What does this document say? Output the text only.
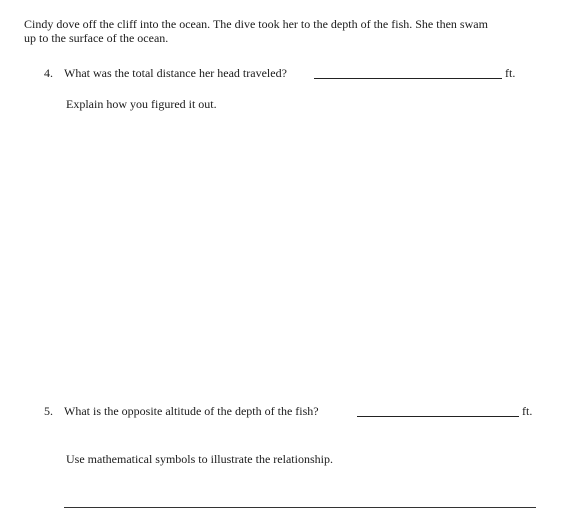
Cindy dove off the cliff into the ocean. The dive took her to the depth of the fish. She then swam
up to the surface of the ocean.
4. What was the total distance her head traveled?	ft.
Explain how you figured it out.
5. What is the opposite altitude of the depth of the fish?	ft.
Use mathematical symbols to illustrate the relationship.
